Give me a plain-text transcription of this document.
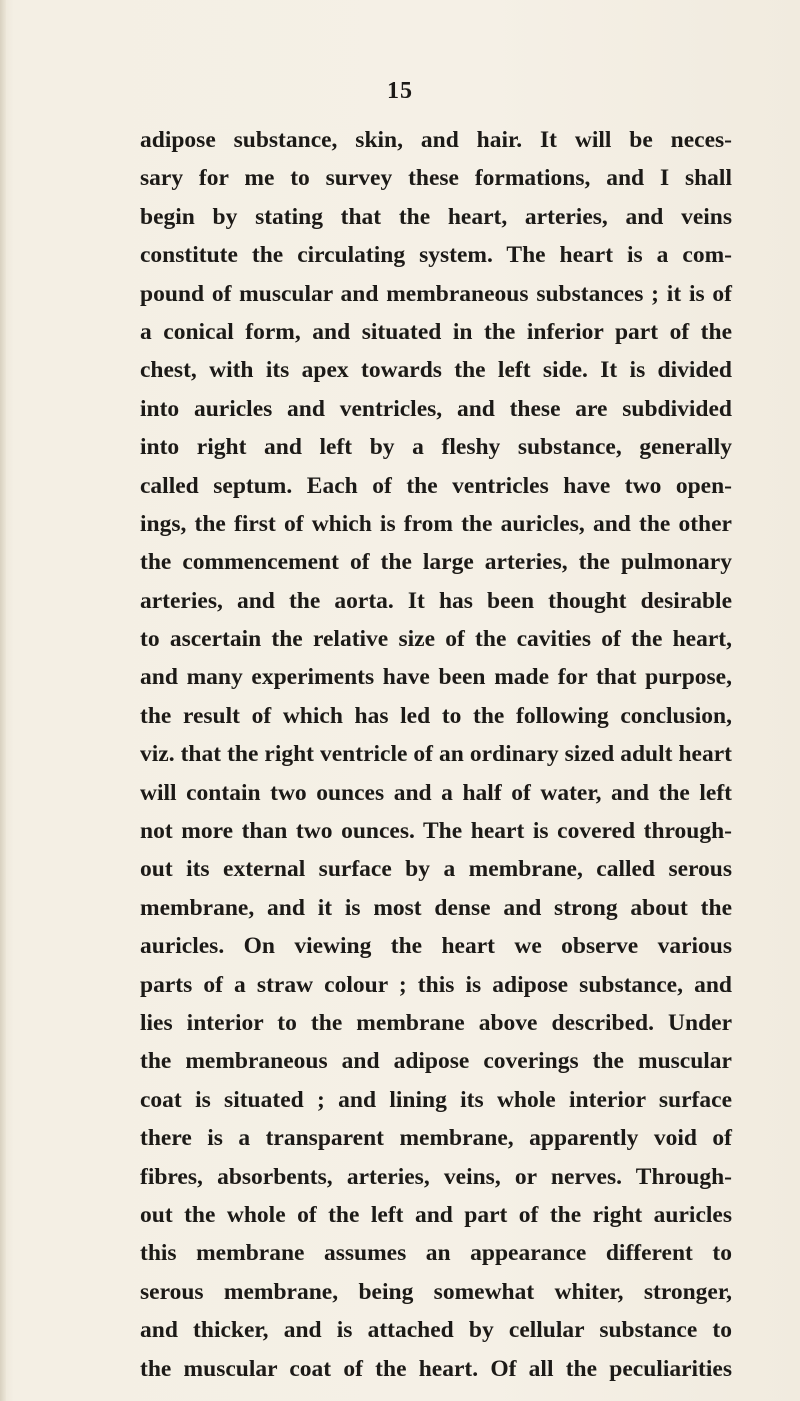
15
adipose substance, skin, and hair. It will be neces-
sary for me to survey these formations, and I shall
begin by stating that the heart, arteries, and veins
constitute the circulating system. The heart is a com-
pound of muscular and membraneous substances ; it is of
a conical form, and situated in the inferior part of the
chest, with its apex towards the left side. It is divided
into auricles and ventricles, and these are subdivided
into right and left by a fleshy substance, generally
called septum. Each of the ventricles have two open-
ings, the first of which is from the auricles, and the other
the commencement of the large arteries, the pulmonary
arteries, and the aorta. It has been thought desirable
to ascertain the relative size of the cavities of the heart,
and many experiments have been made for that purpose,
the result of which has led to the following conclusion,
viz. that the right ventricle of an ordinary sized adult heart
will contain two ounces and a half of water, and the left
not more than two ounces. The heart is covered through-
out its external surface by a membrane, called serous
membrane, and it is most dense and strong about the
auricles. On viewing the heart we observe various
parts of a straw colour ; this is adipose substance, and
lies interior to the membrane above described. Under
the membraneous and adipose coverings the muscular
coat is situated ; and lining its whole interior surface
there is a transparent membrane, apparently void of
fibres, absorbents, arteries, veins, or nerves. Through-
out the whole of the left and part of the right auricles
this membrane assumes an appearance different to
serous membrane, being somewhat whiter, stronger,
and thicker, and is attached by cellular substance to
the muscular coat of the heart. Of all the peculiarities
